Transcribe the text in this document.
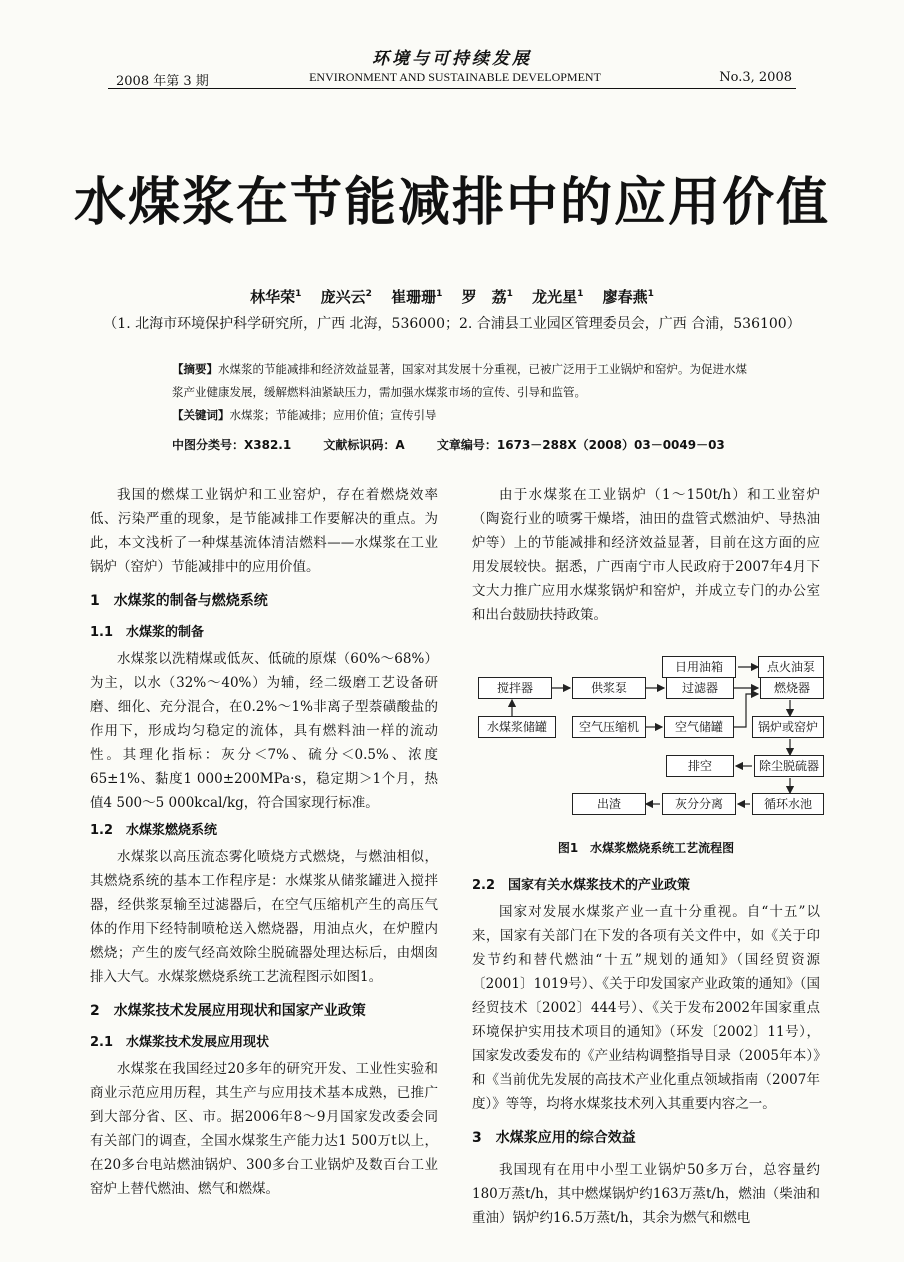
环境与可持续发展
2008 年第 3 期	ENVIRONMENT AND SUSTAINABLE DEVELOPMENT	No.3, 2008
水煤浆在节能减排中的应用价值
林华荣$^1$ 庞兴云$^2$ 崔珊珊$^1$ 罗　荔$^1$ 龙光星$^1$ 廖春燕$^1$
（1. 北海市环境保护科学研究所，广西 北海，536000；2. 合浦县工业园区管理委员会，广西 合浦，536100）
【摘要】水煤浆的节能减排和经济效益显著，国家对其发展十分重视，已被广泛用于工业锅炉和窑炉。为促进水煤浆产业健康发展，缓解燃料油紧缺压力，需加强水煤浆市场的宣传、引导和监管。
【关键词】水煤浆；节能减排；应用价值；宣传引导
中图分类号：X382.1	文献标识码：A	文章编号：1673－288X（2008）03－0049－03

我国的燃煤工业锅炉和工业窑炉，存在着燃烧效率低、污染严重的现象，是节能减排工作要解决的重点。为此，本文浅析了一种煤基流体清洁燃料——水煤浆在工业锅炉（窑炉）节能减排中的应用价值。

1　水煤浆的制备与燃烧系统
1.1　水煤浆的制备

水煤浆以洗精煤或低灰、低硫的原煤（60%～68%）为主，以水（32%～40%）为辅，经二级磨工艺设备研磨、细化、充分混合，在0.2%～1%非离子型萘磺酸盐的作用下，形成均匀稳定的流体，具有燃料油一样的流动性。其理化指标：灰分＜7%、硫分＜0.5%、浓度65±1%、黏度1 000±200MPa·s，稳定期＞1个月，热值4 500～5 000kcal/kg，符合国家现行标准。

1.2　水煤浆燃烧系统

水煤浆以高压流态雾化喷烧方式燃烧，与燃油相似，其燃烧系统的基本工作程序是：水煤浆从储浆罐进入搅拌器，经供浆泵输至过滤器后，在空气压缩机产生的高压气体的作用下经特制喷枪送入燃烧器，用油点火，在炉膛内燃烧；产生的废气经高效除尘脱硫器处理达标后，由烟囱排入大气。水煤浆燃烧系统工艺流程图示如图1。

2　水煤浆技术发展应用现状和国家产业政策
2.1　水煤浆技术发展应用现状

水煤浆在我国经过20多年的研究开发、工业性实验和商业示范应用历程，其生产与应用技术基本成熟，已推广到大部分省、区、市。据2006年8～9月国家发改委会同有关部门的调查，全国水煤浆生产能力达1 500万t以上，在20多台电站燃油锅炉、300多台工业锅炉及数百台工业窑炉上替代燃油、燃气和燃煤。

由于水煤浆在工业锅炉（1～150t/h）和工业窑炉（陶瓷行业的喷雾干燥塔，油田的盘管式燃油炉、导热油炉等）上的节能减排和经济效益显著，目前在这方面的应用发展较快。据悉，广西南宁市人民政府于2007年4月下文大力推广应用水煤浆锅炉和窑炉，并成立专门的办公室和出台鼓励扶持政策。

日用油箱	点火油泵
搅拌器	供浆泵	过滤器	燃烧器
水煤浆储罐	空气压缩机	空气储罐	锅炉或窑炉
排空	除尘脱硫器
出渣	灰分分离	循环水池
图1　水煤浆燃烧系统工艺流程图
2.2　国家有关水煤浆技术的产业政策

国家对发展水煤浆产业一直十分重视。自“十五”以来，国家有关部门在下发的各项有关文件中，如《关于印发节约和替代燃油“十五”规划的通知》（国经贸资源〔2001〕1019号）、《关于印发国家产业政策的通知》（国经贸技术〔2002〕444号）、《关于发布2002年国家重点环境保护实用技术项目的通知》（环发〔2002〕11号），国家发改委发布的《产业结构调整指导目录（2005年本）》和《当前优先发展的高技术产业化重点领域指南（2007年度）》等等，均将水煤浆技术列入其重要内容之一。

3　水煤浆应用的综合效益

我国现有在用中小型工业锅炉50多万台，总容量约180万蒸t/h，其中燃煤锅炉约163万蒸t/h，燃油（柴油和重油）锅炉约16.5万蒸t/h，其余为燃气和燃电
